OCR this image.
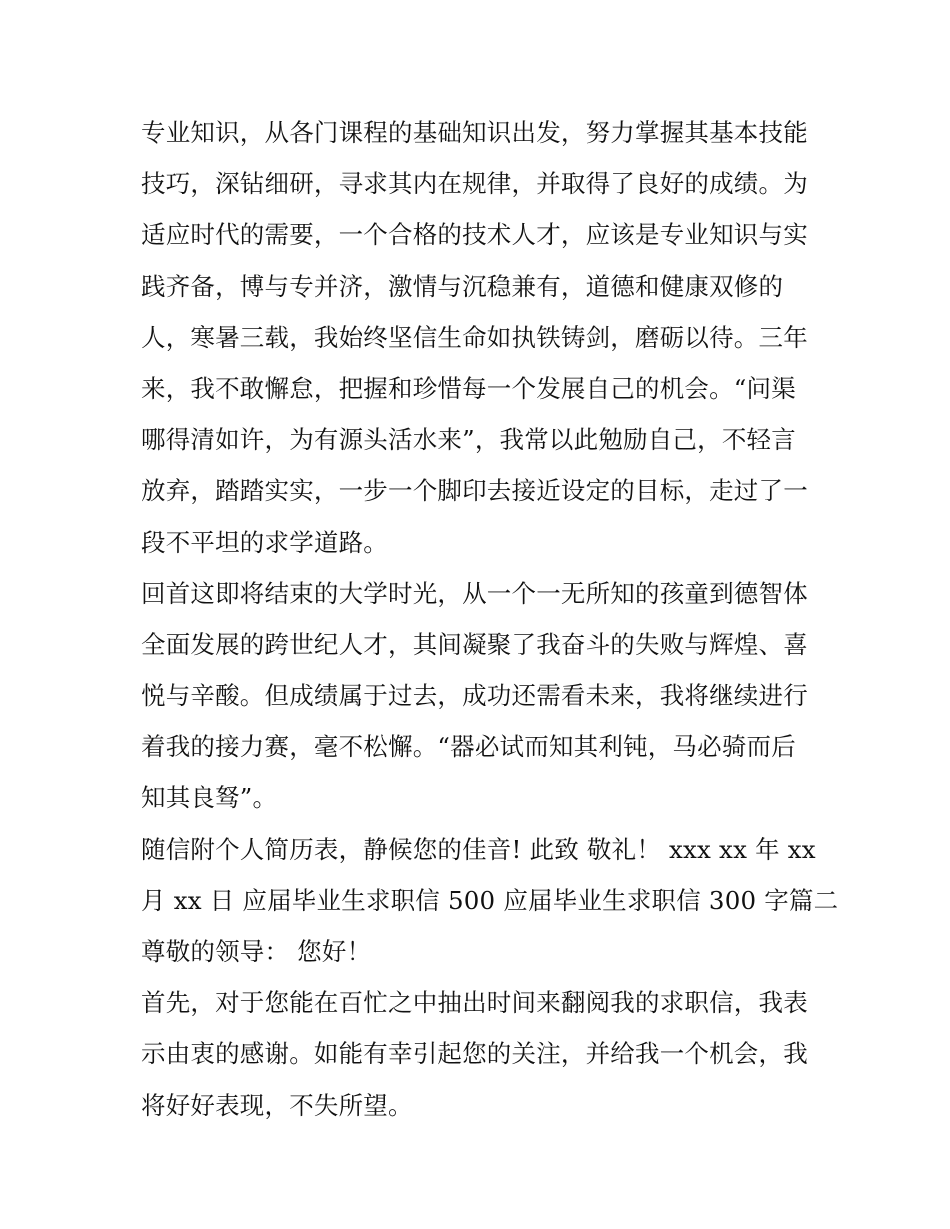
专业知识，从各门课程的基础知识出发，努力掌握其基本技能
技巧，深钻细研，寻求其内在规律，并取得了良好的成绩。为
适应时代的需要，一个合格的技术人才，应该是专业知识与实
践齐备，博与专并济，激情与沉稳兼有，道德和健康双修的
人，寒暑三载，我始终坚信生命如执铁铸剑，磨砺以待。三年
来，我不敢懈怠，把握和珍惜每一个发展自己的机会。“问渠
哪得清如许，为有源头活水来”，我常以此勉励自己，不轻言
放弃，踏踏实实，一步一个脚印去接近设定的目标，走过了一
段不平坦的求学道路。
回首这即将结束的大学时光，从一个一无所知的孩童到德智体
全面发展的跨世纪人才，其间凝聚了我奋斗的失败与辉煌、喜
悦与辛酸。但成绩属于过去，成功还需看未来，我将继续进行
着我的接力赛，毫不松懈。“器必试而知其利钝，马必骑而后
知其良驽”。
随信附个人简历表，静候您的佳音! 此致 敬礼！ xxx xx 年 xx
月 xx 日 应届毕业生求职信 500 应届毕业生求职信 300 字篇二
尊敬的领导： 您好！
首先，对于您能在百忙之中抽出时间来翻阅我的求职信，我表
示由衷的感谢。如能有幸引起您的关注，并给我一个机会，我
将好好表现，不失所望。
